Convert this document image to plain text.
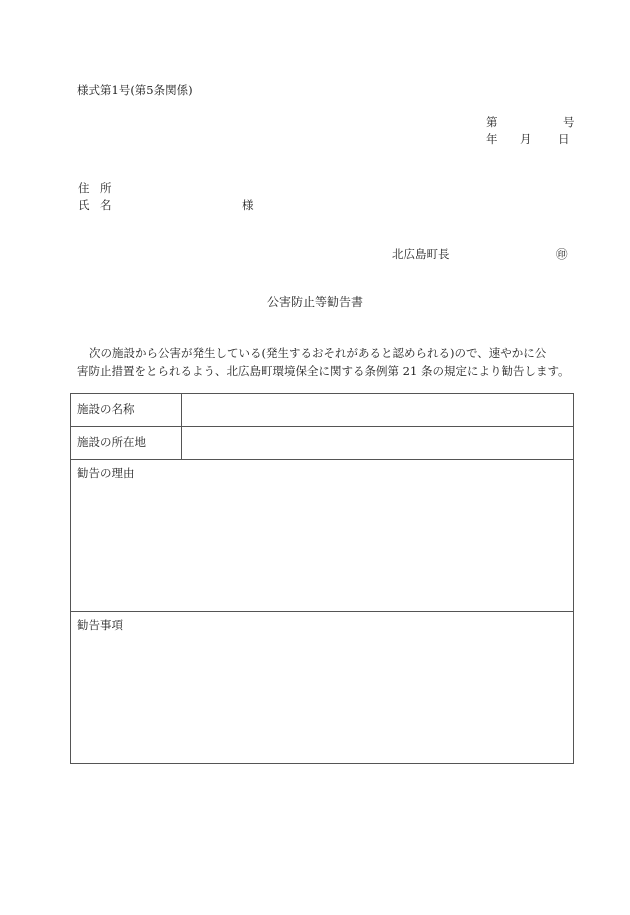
様式第1号(第5条関係)
第	号
年 月 日
住 所
氏 名	様
北広島町長	㊞
公害防止等勧告書
次の施設から公害が発生している(発生するおそれがあると認められる)ので、速やかに公
害防止措置をとられるよう、北広島町環境保全に関する条例第 21 条の規定により勧告します。
施設の名称	
施設の所在地	
勧告の理由	
勧告事項	
